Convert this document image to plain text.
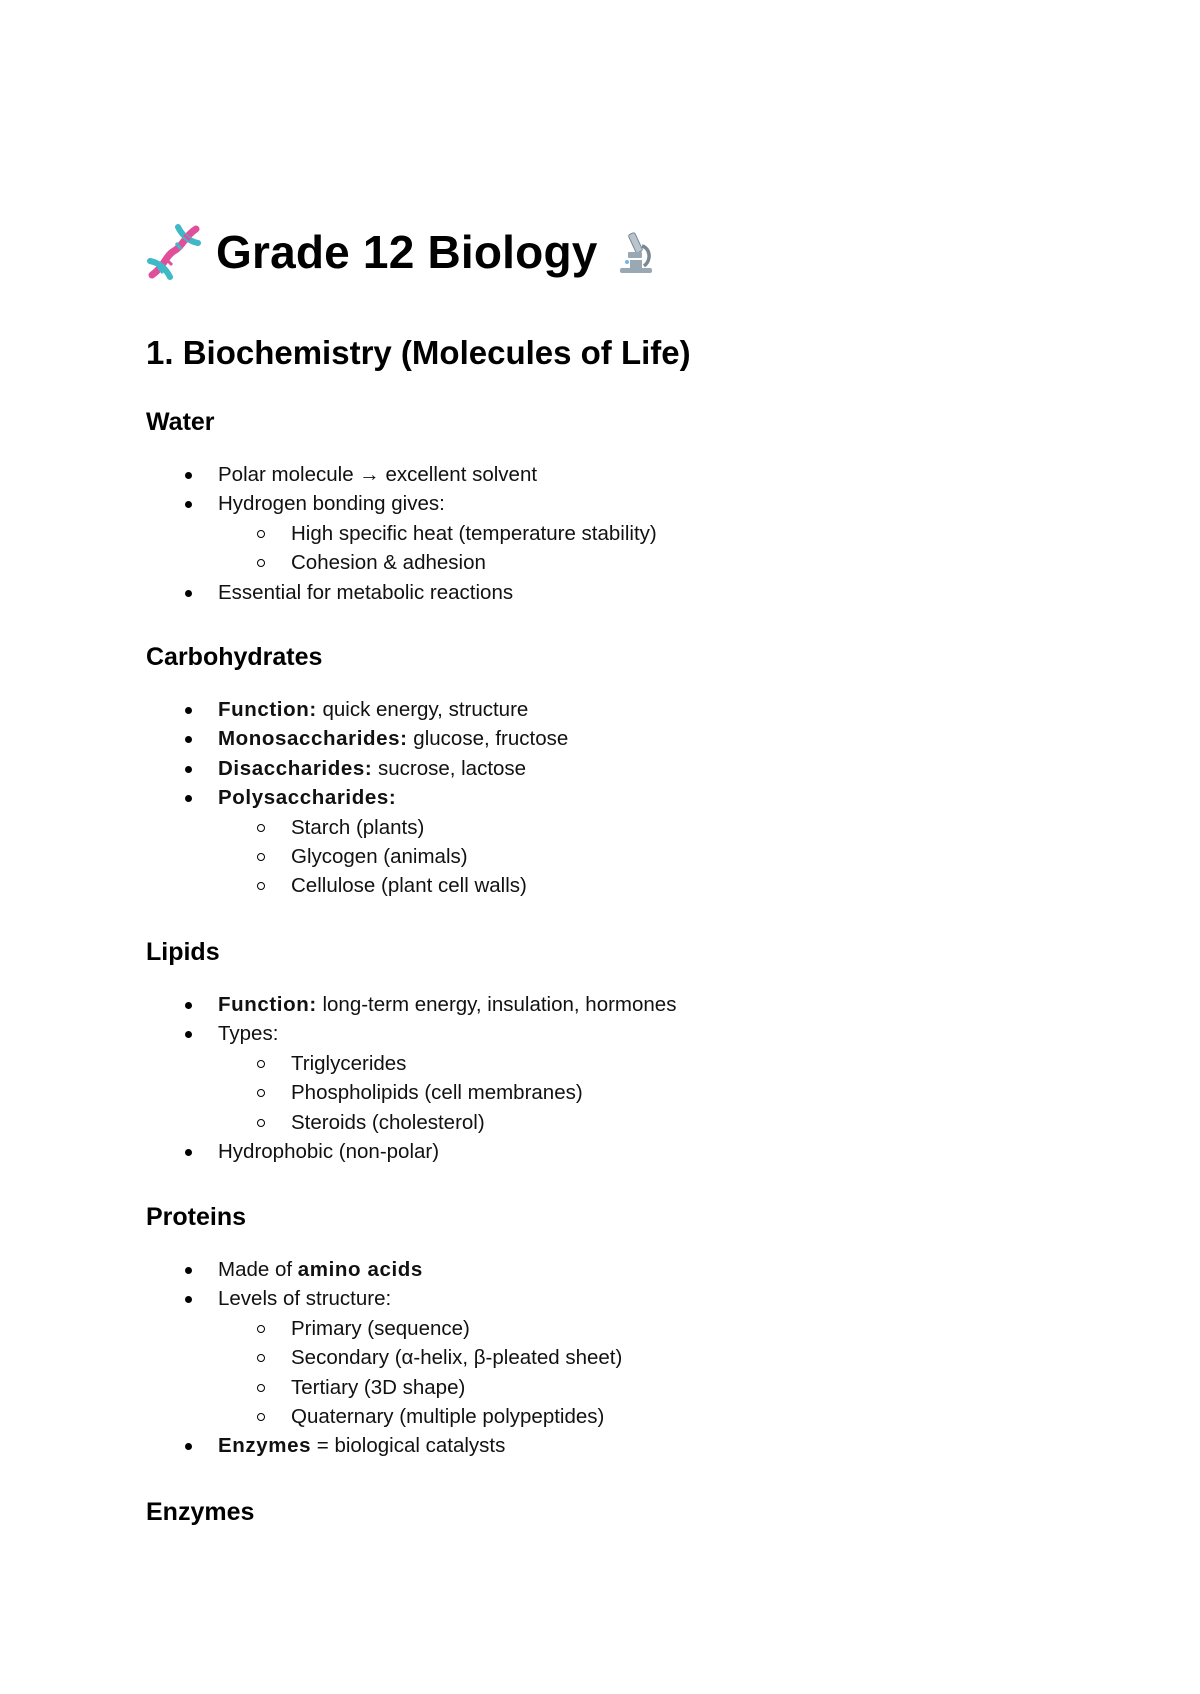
Grade 12 Biology
1. Biochemistry (Molecules of Life)
Water
Polar molecule → excellent solvent
Hydrogen bonding gives:
High specific heat (temperature stability)
Cohesion & adhesion
Essential for metabolic reactions
Carbohydrates
Function: quick energy, structure
Monosaccharides: glucose, fructose
Disaccharides: sucrose, lactose
Polysaccharides:
Starch (plants)
Glycogen (animals)
Cellulose (plant cell walls)
Lipids
Function: long-term energy, insulation, hormones
Types:
Triglycerides
Phospholipids (cell membranes)
Steroids (cholesterol)
Hydrophobic (non-polar)
Proteins
Made of amino acids
Levels of structure:
Primary (sequence)
Secondary (α-helix, β-pleated sheet)
Tertiary (3D shape)
Quaternary (multiple polypeptides)
Enzymes = biological catalysts
Enzymes
